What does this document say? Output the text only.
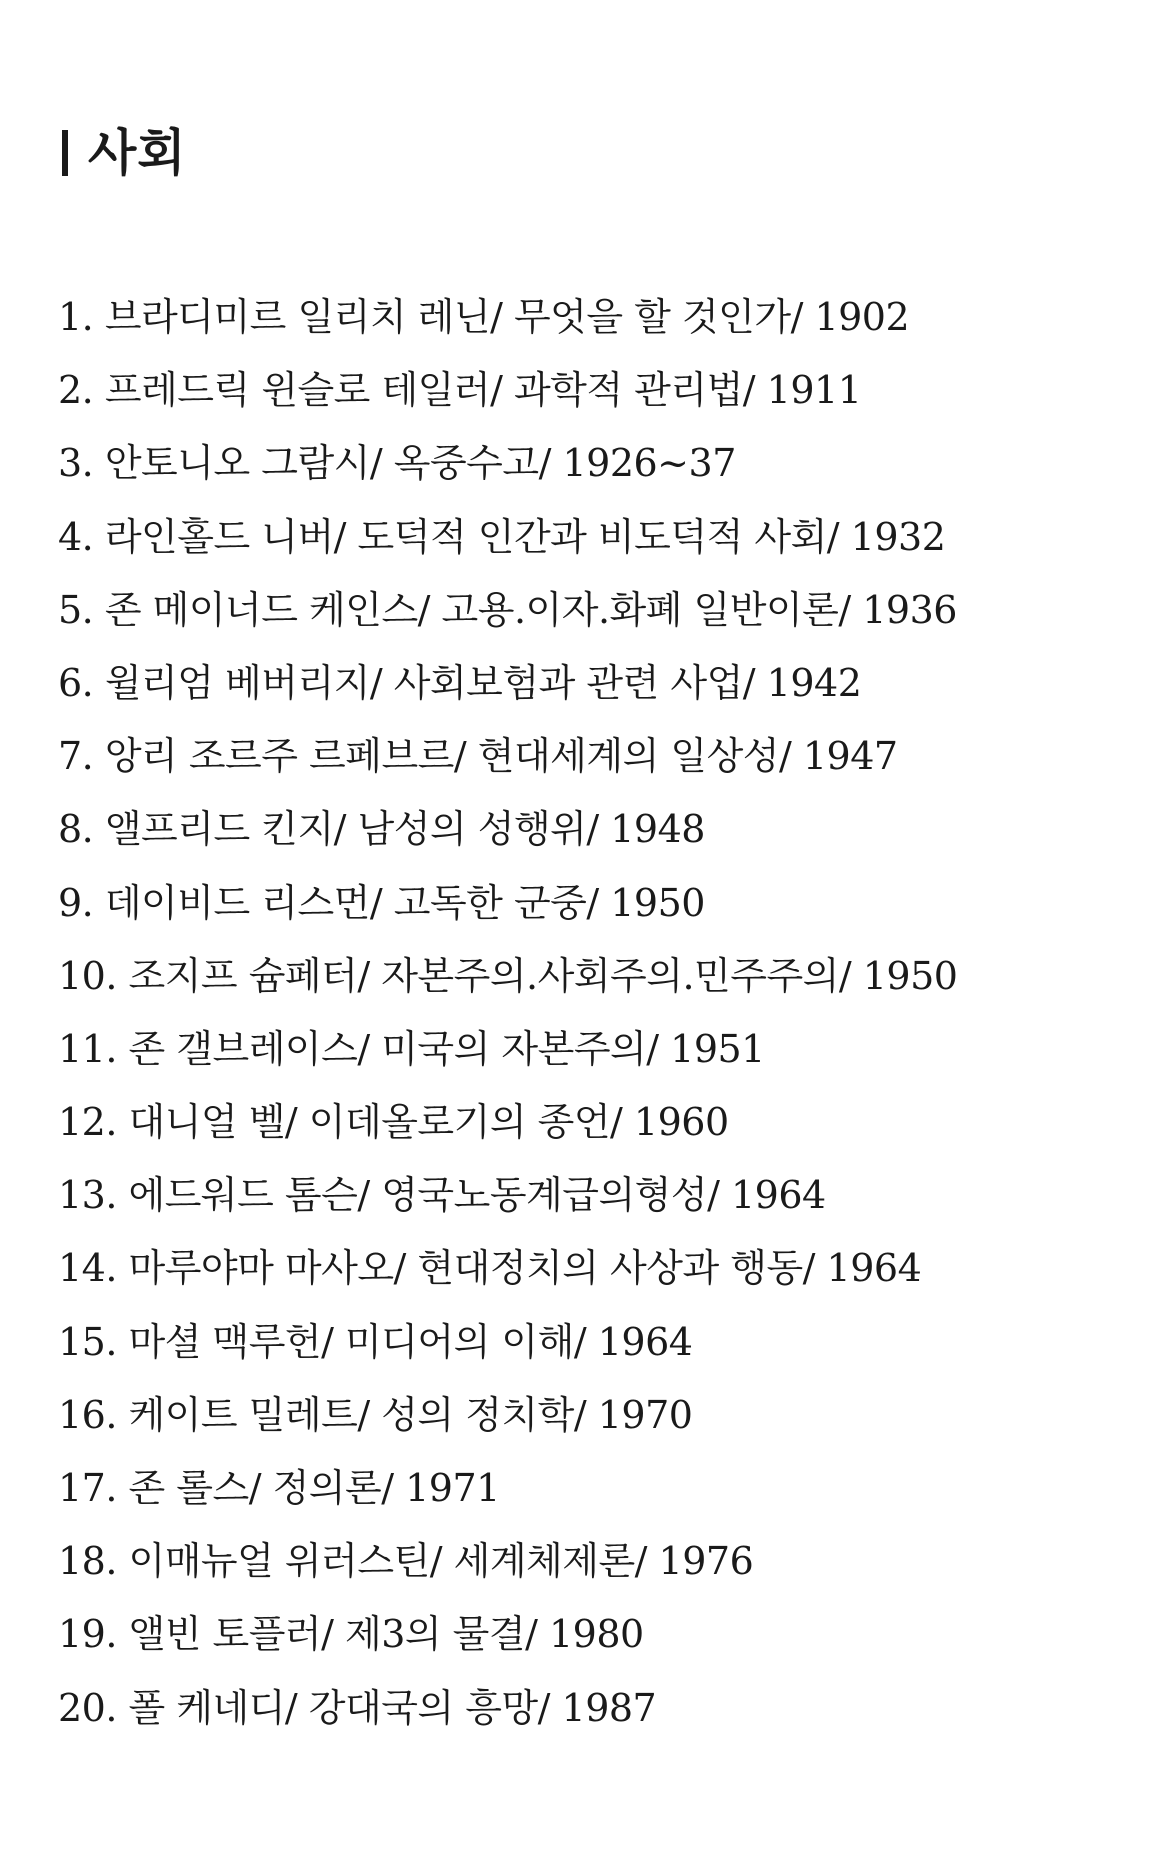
사회
1. 브라디미르 일리치 레닌/ 무엇을 할 것인가/ 1902
2. 프레드릭 윈슬로 테일러/ 과학적 관리법/ 1911
3. 안토니오 그람시/ 옥중수고/ 1926~37
4. 라인홀드 니버/ 도덕적 인간과 비도덕적 사회/ 1932
5. 존 메이너드 케인스/ 고용.이자.화폐 일반이론/ 1936
6. 윌리엄 베버리지/ 사회보험과 관련 사업/ 1942
7. 앙리 조르주 르페브르/ 현대세계의 일상성/ 1947
8. 앨프리드 킨지/ 남성의 성행위/ 1948
9. 데이비드 리스먼/ 고독한 군중/ 1950
10. 조지프 슘페터/ 자본주의.사회주의.민주주의/ 1950
11. 존 갤브레이스/ 미국의 자본주의/ 1951
12. 대니얼 벨/ 이데올로기의 종언/ 1960
13. 에드워드 톰슨/ 영국노동계급의형성/ 1964
14. 마루야마 마사오/ 현대정치의 사상과 행동/ 1964
15. 마셜 맥루헌/ 미디어의 이해/ 1964
16. 케이트 밀레트/ 성의 정치학/ 1970
17. 존 롤스/ 정의론/ 1971
18. 이매뉴얼 위러스틴/ 세계체제론/ 1976
19. 앨빈 토플러/ 제3의 물결/ 1980
20. 폴 케네디/ 강대국의 흥망/ 1987
